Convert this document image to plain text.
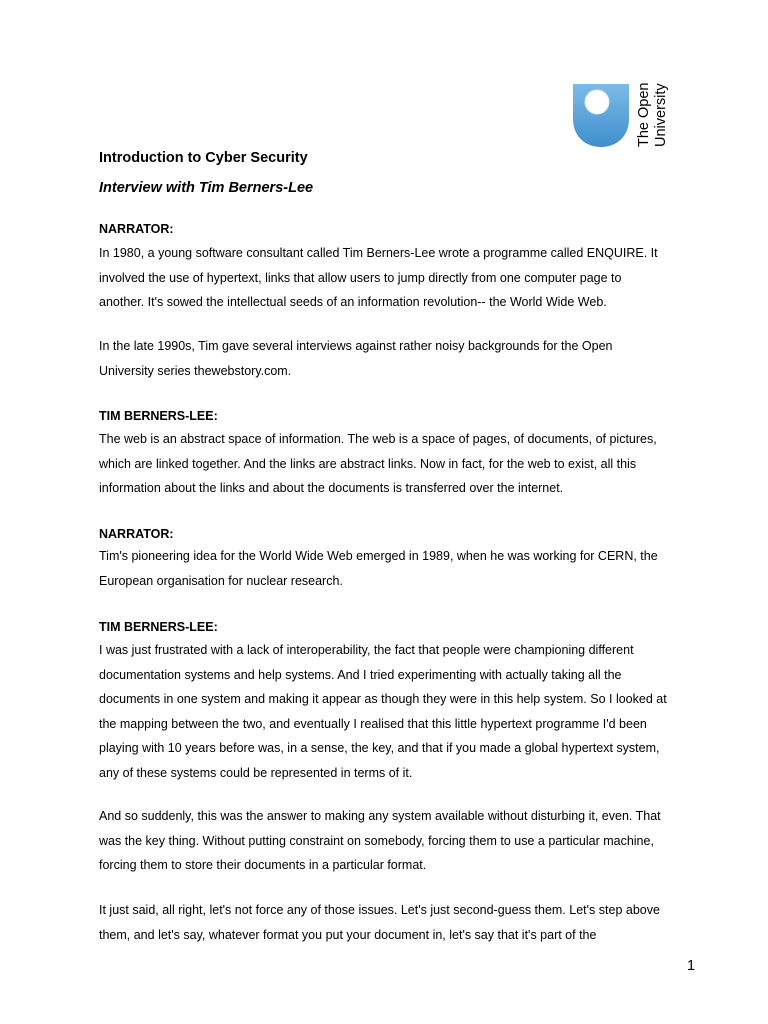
The Open University
Introduction to Cyber Security
Interview with Tim Berners-Lee

NARRATOR:

In 1980, a young software consultant called Tim Berners-Lee wrote a programme called ENQUIRE. It involved the use of hypertext, links that allow users to jump directly from one computer page to another. It's sowed the intellectual seeds of an information revolution-- the World Wide Web.

In the late 1990s, Tim gave several interviews against rather noisy backgrounds for the Open University series thewebstory.com.

TIM BERNERS-LEE:

The web is an abstract space of information. The web is a space of pages, of documents, of pictures, which are linked together. And the links are abstract links. Now in fact, for the web to exist, all this information about the links and about the documents is transferred over the internet.

NARRATOR:

Tim's pioneering idea for the World Wide Web emerged in 1989, when he was working for CERN, the European organisation for nuclear research.

TIM BERNERS-LEE:

I was just frustrated with a lack of interoperability, the fact that people were championing different documentation systems and help systems. And I tried experimenting with actually taking all the documents in one system and making it appear as though they were in this help system. So I looked at the mapping between the two, and eventually I realised that this little hypertext programme I'd been playing with 10 years before was, in a sense, the key, and that if you made a global hypertext system, any of these systems could be represented in terms of it.

And so suddenly, this was the answer to making any system available without disturbing it, even. That was the key thing. Without putting constraint on somebody, forcing them to use a particular machine, forcing them to store their documents in a particular format.

It just said, all right, let's not force any of those issues. Let's just second-guess them. Let's step above them, and let's say, whatever format you put your document in, let's say that it's part of the

1
